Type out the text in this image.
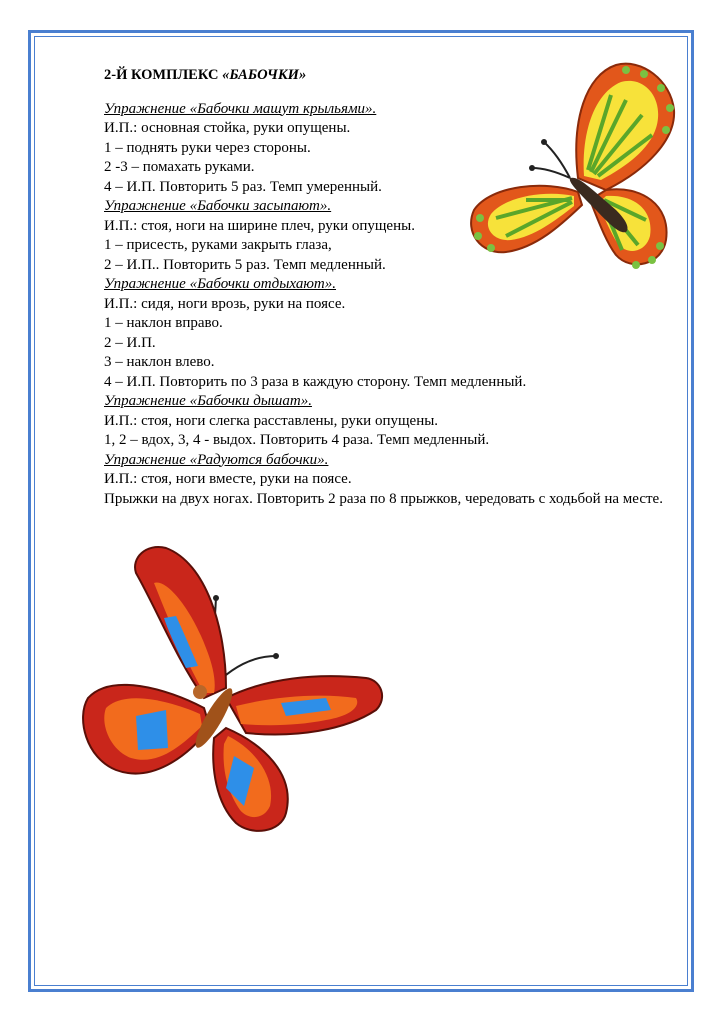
2-Й КОМПЛЕКС «БАБОЧКИ»
Упражнение «Бабочки машут крыльями».
И.П.: основная стойка, руки опущены.
1 – поднять руки через стороны.
2 -3 – помахать руками.
4 – И.П. Повторить 5 раз. Темп умеренный.
Упражнение «Бабочки засыпают».
И.П.: стоя, ноги на ширине плеч, руки опущены.
1 – присесть, руками закрыть глаза,
2 – И.П.. Повторить 5 раз. Темп медленный.
Упражнение «Бабочки отдыхают».
И.П.: сидя, ноги врозь, руки на поясе.
1 – наклон вправо.
2 – И.П.
3 – наклон влево.
4 – И.П. Повторить по 3 раза в каждую сторону. Темп медленный.
Упражнение «Бабочки дышат».
И.П.: стоя, ноги слегка расставлены, руки опущены.
1, 2 – вдох, 3, 4 - выдох. Повторить 4 раза. Темп медленный.
Упражнение «Радуются бабочки».
И.П.: стоя, ноги вместе, руки на поясе.
Прыжки на двух ногах. Повторить 2 раза по 8 прыжков, чередовать с ходьбой на месте.
